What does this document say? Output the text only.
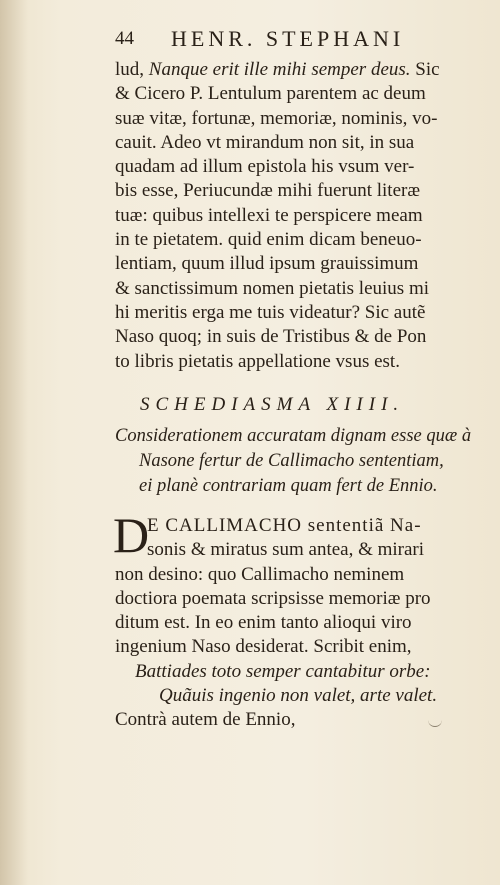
44 HENR. STEPHANI
lud, Nanque erit ille mihi semper deus. Sic
& Cicero P. Lentulum parentem ac deum
suæ vitæ, fortunæ, memoriæ, nominis, vo-
cauit. Adeo vt mirandum non sit, in sua
quadam ad illum epistola his vsum ver-
bis esse, Periucundæ mihi fuerunt literæ
tuæ: quibus intellexi te perspicere meam
in te pietatem. quid enim dicam beneuo-
lentiam, quum illud ipsum grauissimum
& sanctissimum nomen pietatis leuius mi
hi meritis erga me tuis videatur? Sic autẽ
Naso quoq; in suis de Tristibus & de Pon
to libris pietatis appellatione vsus est.
SCHEDIASMA XIIII.
Considerationem accuratam dignam esse quæ à
Nasone fertur de Callimacho sententiam,
ei planè contrariam quam fert de Ennio.
D
E CALLIMACHO sententiã Na-
sonis & miratus sum antea, & mirari
non desino: quo Callimacho neminem
doctiora poemata scripsisse memoriæ pro
ditum est. In eo enim tanto alioqui viro
ingenium Naso desiderat. Scribit enim,
Battiades toto semper cantabitur orbe:
Quãuis ingenio non valet, arte valet.
Contrà autem de Ennio,
